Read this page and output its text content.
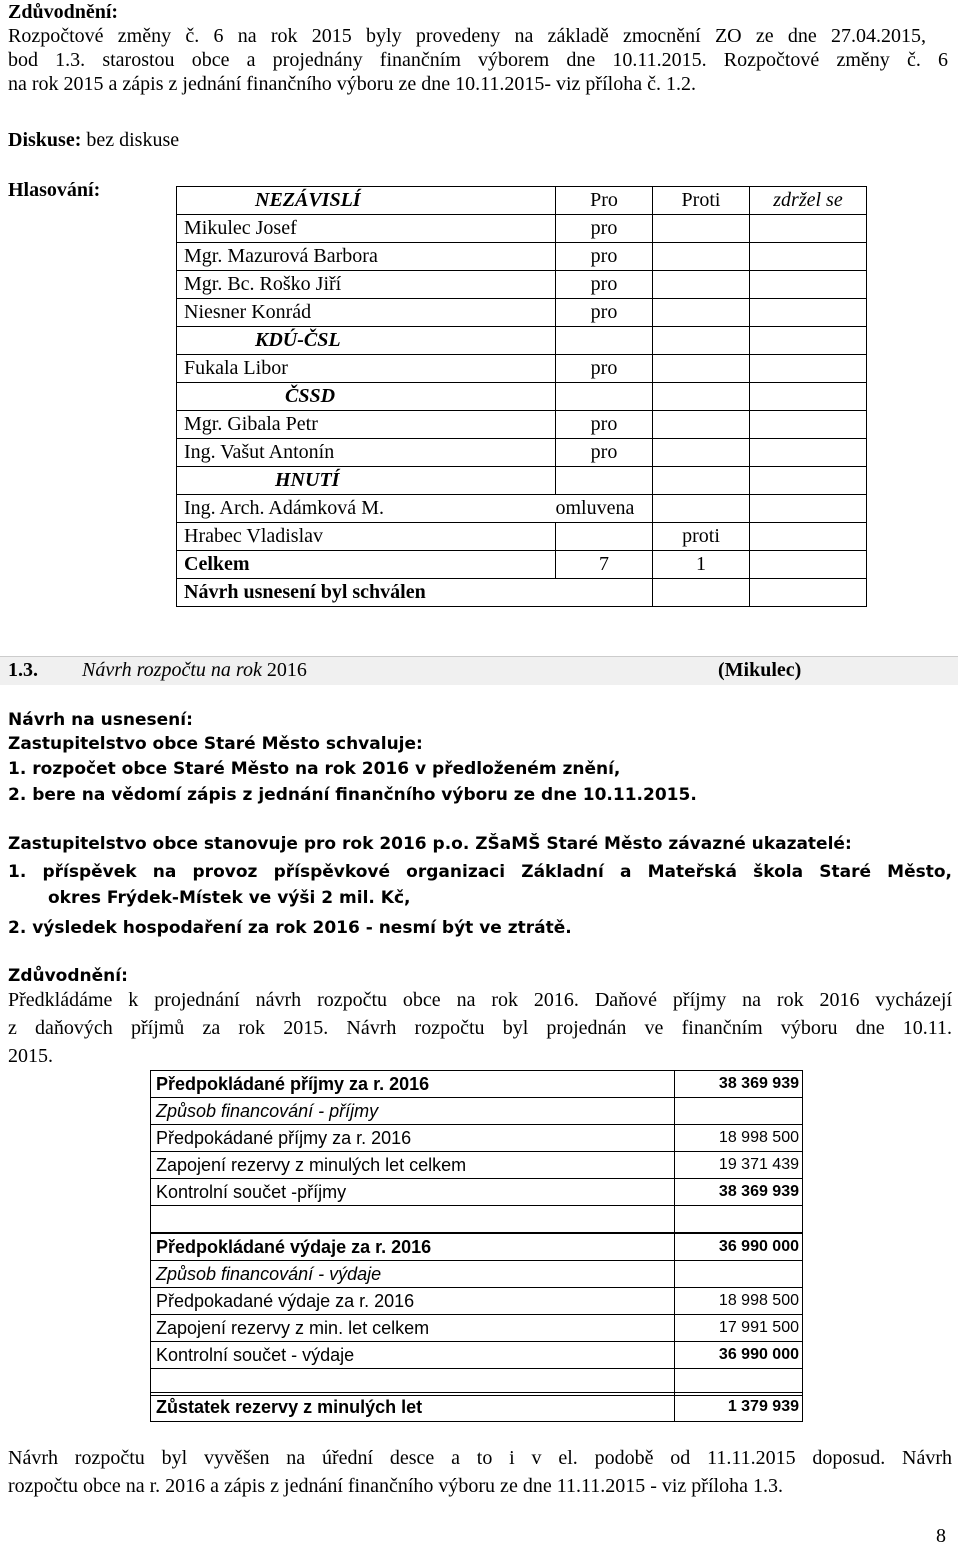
Zdůvodnění:
Rozpočtové změny č. 6 na rok 2015 byly provedeny na základě zmocnění ZO ze dne 27.04.2015,
bod 1.3. starostou obce a projednány finančním výborem dne 10.11.2015. Rozpočtové změny č. 6
na rok 2015 a zápis z jednání finančního výboru ze dne 10.11.2015- viz příloha č. 1.2.
Diskuse: bez diskuse
Hlasování:	NEZÁVISLÍ	Pro	Proti	zdržel se
Mikulec Josef	pro		
Mgr. Mazurová Barbora	pro		
Mgr. Bc. Roško Jiří	pro		
Niesner Konrád	pro		
KDÚ-ČSL			
Fukala Libor	pro		
ČSSD			
Mgr. Gibala Petr	pro		
Ing. Vašut Antonín	pro		
HNUTÍ			
Ing. Arch. Adámková M.	omluvena		
Hrabec Vladislav		proti	
Celkem	7	1	
Návrh usnesení byl schválen			
1.3. Návrh rozpočtu na rok 2016	(Mikulec)
Návrh na usnesení:
Zastupitelstvo obce Staré Město schvaluje:
1. rozpočet obce Staré Město na rok 2016 v předloženém znění,
2. bere na vědomí zápis z jednání finančního výboru ze dne 10.11.2015.
Zastupitelstvo obce stanovuje pro rok 2016 p.o. ZŠaMŠ Staré Město závazné ukazatelé:
1. příspěvek na provoz příspěvkové organizaci Základní a Mateřská škola Staré Město,
okres Frýdek-Místek ve výši 2 mil. Kč,
2. výsledek hospodaření za rok 2016 - nesmí být ve ztrátě.
Zdůvodnění:
Předkládáme k projednání návrh rozpočtu obce na rok 2016. Daňové příjmy na rok 2016 vycházejí
z daňových příjmů za rok 2015. Návrh rozpočtu byl projednán ve finančním výboru dne 10.11.
2015.
Předpokládané příjmy za r. 2016	38 369 939
Způsob financování - příjmy	
Předpokádané příjmy za r. 2016	18 998 500
Zapojení rezervy z minulých let celkem	19 371 439
Kontrolní součet -příjmy	38 369 939

Předpokládané výdaje za r. 2016	36 990 000
Způsob financování - výdaje	
Předpokadané výdaje za r. 2016	18 998 500
Zapojení rezervy z min. let celkem	17 991 500
Kontrolní součet - výdaje	36 990 000

Zůstatek rezervy z minulých let	1 379 939
Návrh rozpočtu byl vyvěšen na úřední desce a to i v el. podobě od 11.11.2015 doposud. Návrh
rozpočtu obce na r. 2016 a zápis z jednání finančního výboru ze dne 11.11.2015 - viz příloha 1.3.
8
